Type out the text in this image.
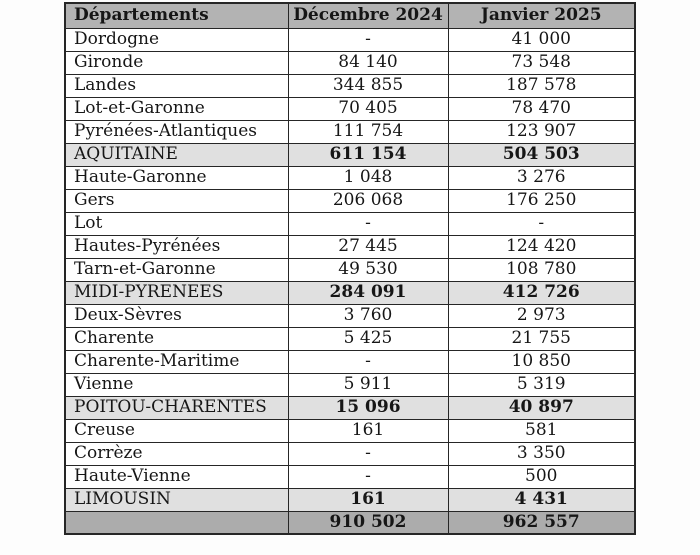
Départements	Décembre 2024	Janvier 2025
Dordogne	-	41 000
Gironde	84 140	73 548
Landes	344 855	187 578
Lot-et-Garonne	70 405	78 470
Pyrénées-Atlantiques	111 754	123 907
AQUITAINE	611 154	504 503
Haute-Garonne	1 048	3 276
Gers	206 068	176 250
Lot	-	-
Hautes-Pyrénées	27 445	124 420
Tarn-et-Garonne	49 530	108 780
MIDI-PYRENEES	284 091	412 726
Deux-Sèvres	3 760	2 973
Charente	5 425	21 755
Charente-Maritime	-	10 850
Vienne	5 911	5 319
POITOU-CHARENTES	15 096	40 897
Creuse	161	581
Corrèze	-	3 350
Haute-Vienne	-	500
LIMOUSIN	161	4 431
	910 502	962 557
